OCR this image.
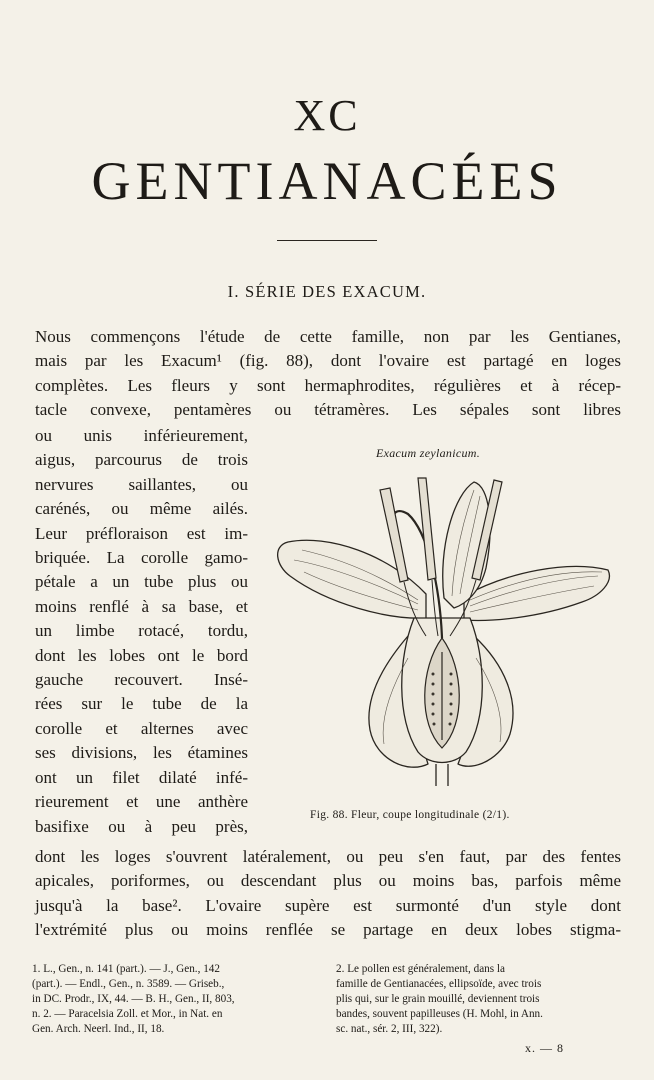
XC
GENTIANACÉES
I. SÉRIE DES EXACUM.
Nous commençons l'étude de cette famille, non par les Gentianes,
mais par les Exacum¹ (fig. 88), dont l'ovaire est partagé en loges
complètes. Les fleurs y sont hermaphrodites, régulières et à récep-
tacle convexe, pentamères ou tétramères. Les sépales sont libres
ou unis inférieurement,
aigus, parcourus de trois
nervures saillantes, ou
carénés, ou même ailés.
Leur préfloraison est im-
briquée. La corolle gamo-
pétale a un tube plus ou
moins renflé à sa base, et
un limbe rotacé, tordu,
dont les lobes ont le bord
gauche recouvert. Insé-
rées sur le tube de la
corolle et alternes avec
ses divisions, les étamines
ont un filet dilaté infé-
rieurement et une anthère
basifixe ou à peu près,
Exacum zeylanicum.
Fig. 88. Fleur, coupe longitudinale (2/1).
dont les loges s'ouvrent latéralement, ou peu s'en faut, par des fentes
apicales, poriformes, ou descendant plus ou moins bas, parfois même
jusqu'à la base². L'ovaire supère est surmonté d'un style dont
l'extrémité plus ou moins renflée se partage en deux lobes stigma-
1. L., Gen., n. 141 (part.). — J., Gen., 142
(part.). — Endl., Gen., n. 3589. — Griseb.,
in DC. Prodr., IX, 44. — B. H., Gen., II, 803,
n. 2. — Paracelsia Zoll. et Mor., in Nat. en
Gen. Arch. Neerl. Ind., II, 18.
2. Le pollen est généralement, dans la
famille de Gentianacées, ellipsoïde, avec trois
plis qui, sur le grain mouillé, deviennent trois
bandes, souvent papilleuses (H. Mohl, in Ann.
sc. nat., sér. 2, III, 322).
x. — 8
